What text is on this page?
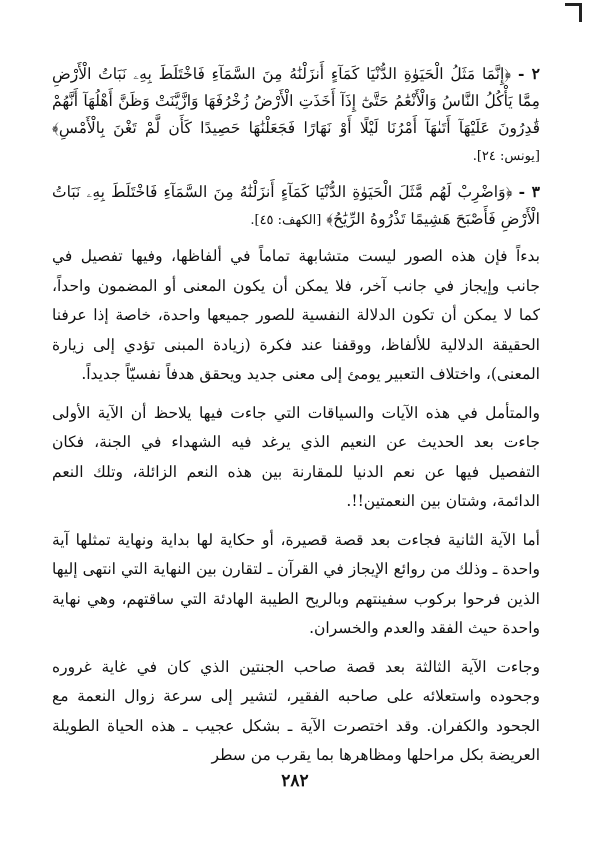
٢ - ﴿إِنَّمَا مَثَلُ الْحَيَوٰةِ الدُّنْيَا كَمَآءٍ أَنزَلْنَٰهُ مِنَ السَّمَآءِ فَاخْتَلَطَ بِهِۦ نَبَاتُ الْأَرْضِ مِمَّا يَأْكُلُ النَّاسُ وَالْأَنْعَٰمُ حَتَّىٰٓ إِذَآ أَخَذَتِ الْأَرْضُ زُخْرُفَهَا وَازَّيَّنَتْ وَظَنَّ أَهْلُهَآ أَنَّهُمْ قَٰدِرُونَ عَلَيْهَآ أَتَىٰهَآ أَمْرُنَا لَيْلًا أَوْ نَهَارًا فَجَعَلْنَٰهَا حَصِيدًا كَأَن لَّمْ تَغْنَ بِالْأَمْسِ﴾ [يونس: ٢٤].

٣ - ﴿وَاضْرِبْ لَهُم مَّثَلَ الْحَيَوٰةِ الدُّنْيَا كَمَآءٍ أَنزَلْنَٰهُ مِنَ السَّمَآءِ فَاخْتَلَطَ بِهِۦ نَبَاتُ الْأَرْضِ فَأَصْبَحَ هَشِيمًا تَذْرُوهُ الرِّيَٰحُ﴾ [الكهف: ٤٥].

بدءاً فإن هذه الصور ليست متشابهة تماماً في ألفاظها، وفيها تفصيل في جانب وإيجاز في جانب آخر، فلا يمكن أن يكون المعنى أو المضمون واحداً، كما لا يمكن أن تكون الدلالة النفسية للصور جميعها واحدة، خاصة إذا عرفنا الحقيقة الدلالية للألفاظ، ووقفنا عند فكرة (زيادة المبنى تؤدي إلى زيارة المعنى)، واختلاف التعبير يومئ إلى معنى جديد ويحقق هدفاً نفسيّاً جديداً.

والمتأمل في هذه الآيات والسياقات التي جاءت فيها يلاحظ أن الآية الأولى جاءت بعد الحديث عن النعيم الذي يرغد فيه الشهداء في الجنة، فكان التفصيل فيها عن نعم الدنيا للمقارنة بين هذه النعم الزائلة، وتلك النعم الدائمة، وشتان بين النعمتين!!.

أما الآية الثانية فجاءت بعد قصة قصيرة، أو حكاية لها بداية ونهاية تمثلها آية واحدة ـ وذلك من روائع الإيجاز في القرآن ـ لتقارن بين النهاية التي انتهى إليها الذين فرحوا بركوب سفينتهم وبالريح الطيبة الهادئة التي ساقتهم، وهي نهاية واحدة حيث الفقد والعدم والخسران.

وجاءت الآية الثالثة بعد قصة صاحب الجنتين الذي كان في غاية غروره وجحوده واستعلائه على صاحبه الفقير، لتشير إلى سرعة زوال النعمة مع الجحود والكفران. وقد اختصرت الآية ـ بشكل عجيب ـ هذه الحياة الطويلة العريضة بكل مراحلها ومظاهرها بما يقرب من سطر

٢٨٢
